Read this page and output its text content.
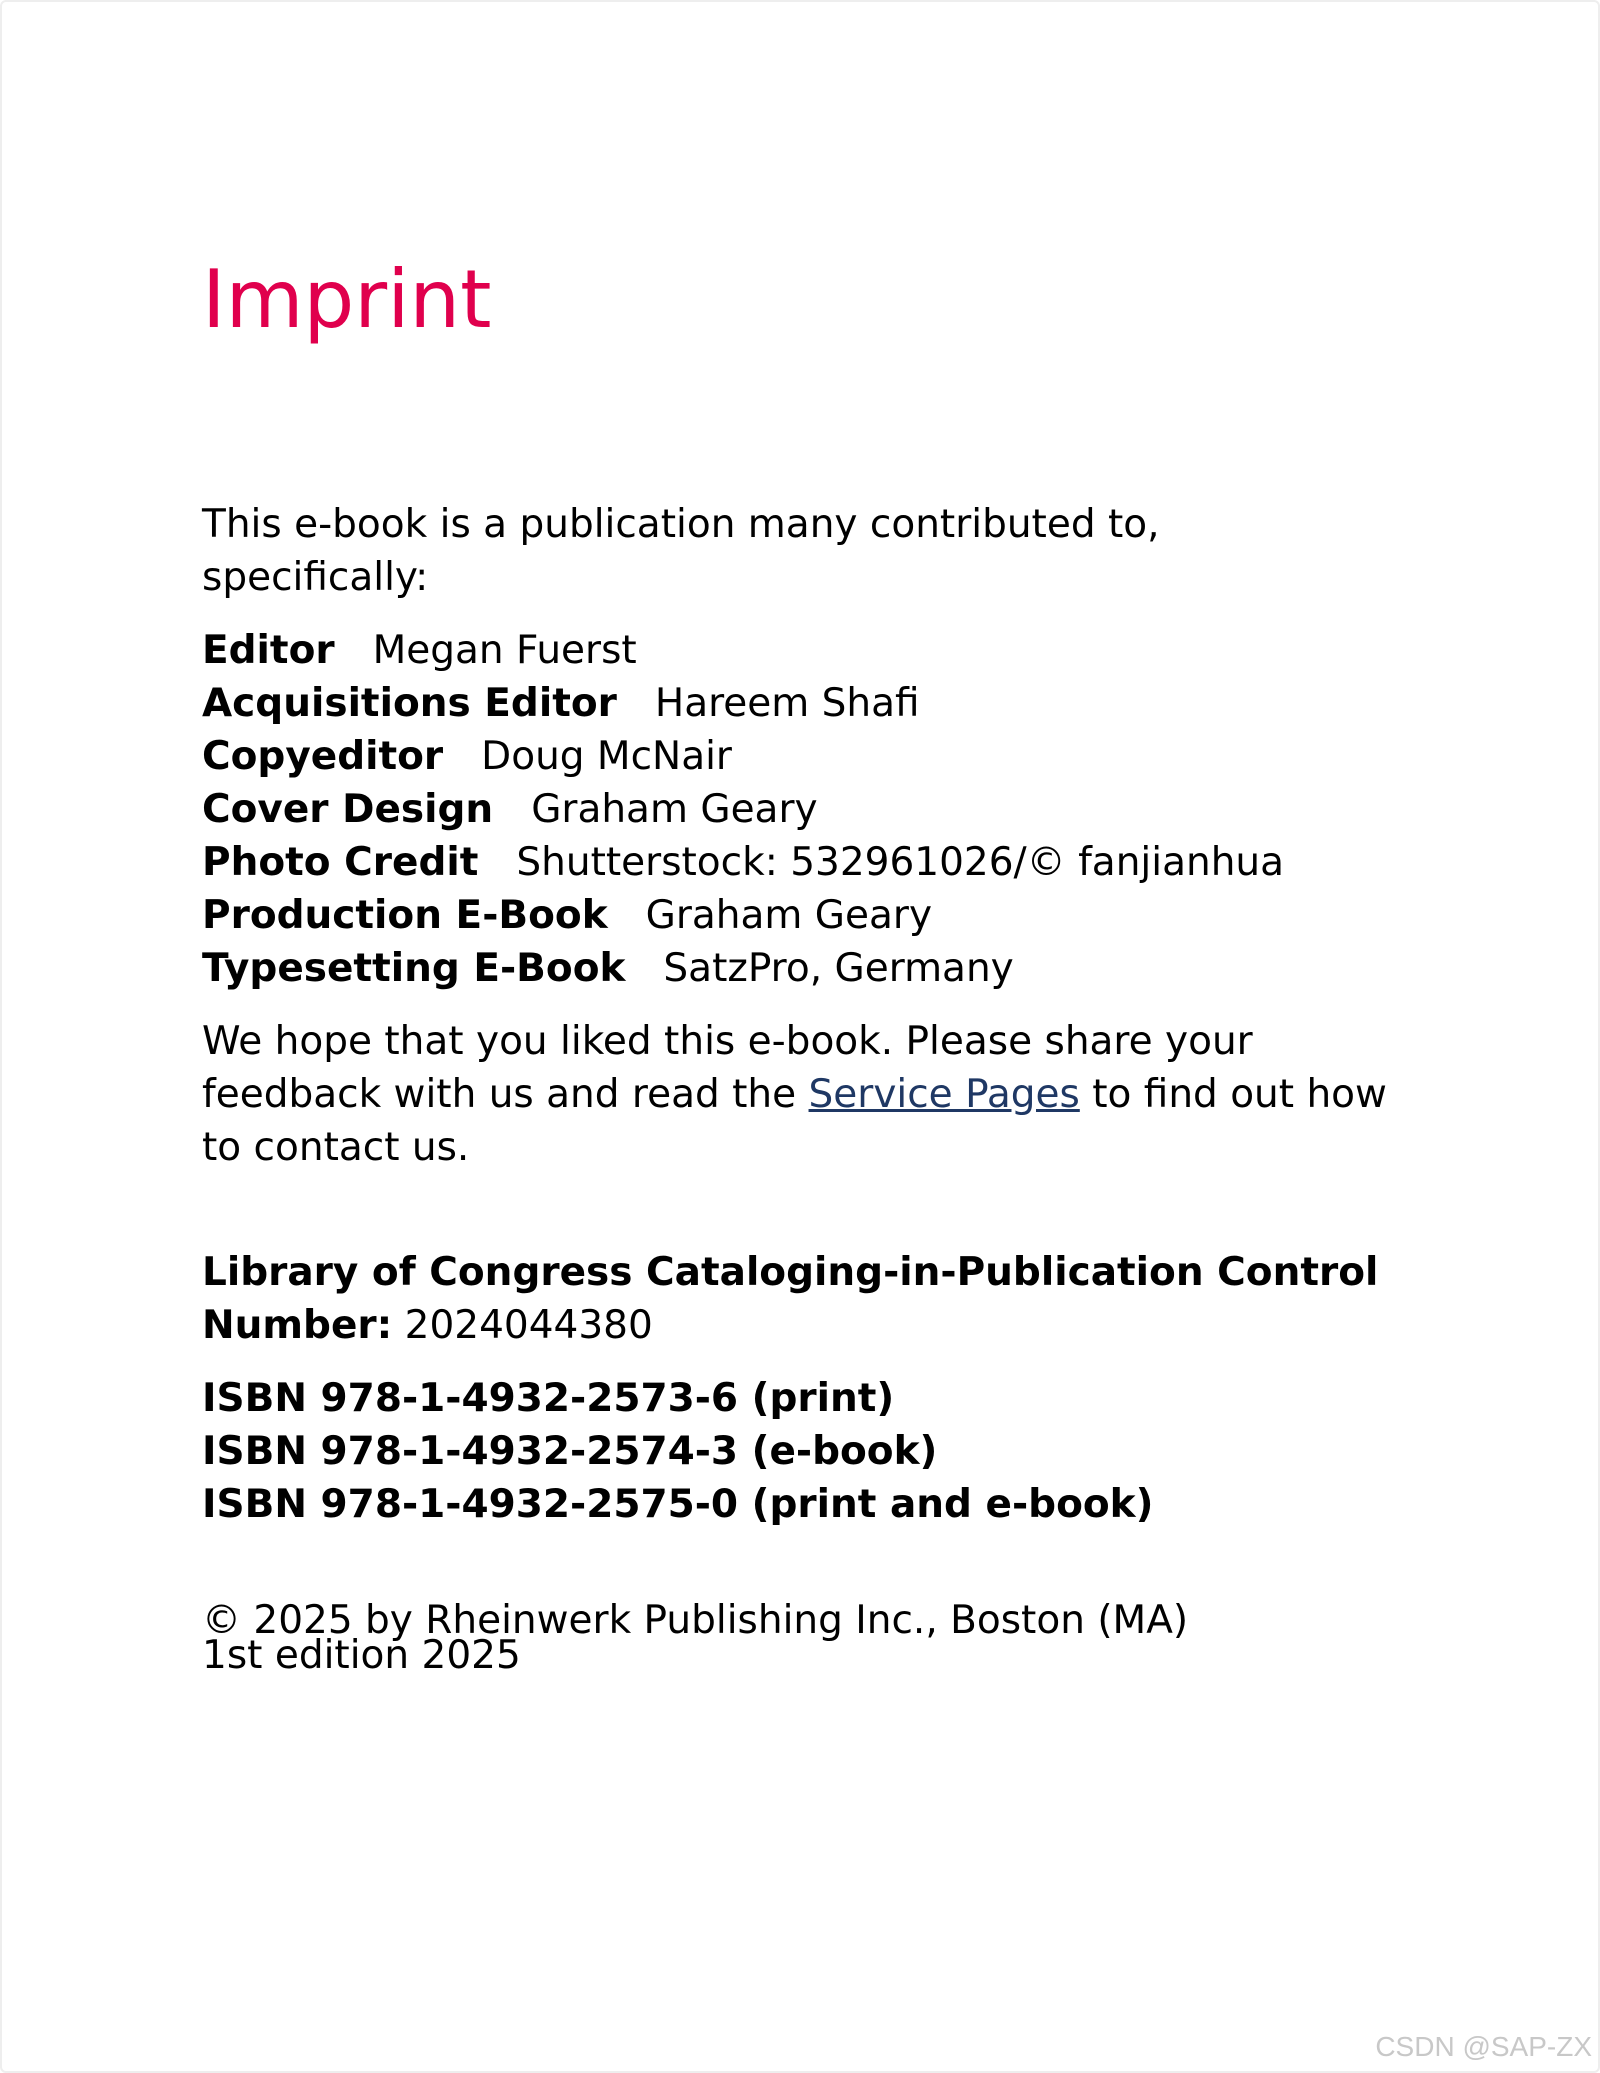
Imprint
This e-book is a publication many contributed to, specifically:
Editor Megan Fuerst
Acquisitions Editor Hareem Shafi
Copyeditor Doug McNair
Cover Design Graham Geary
Photo Credit Shutterstock: 532961026/© fanjianhua
Production E-Book Graham Geary
Typesetting E-Book SatzPro, Germany
We hope that you liked this e-book. Please share your feedback with us and read the Service Pages to find out how to contact us.
Library of Congress Cataloging-in-Publication Control Number: 2024044380
ISBN 978-1-4932-2573-6 (print)
ISBN 978-1-4932-2574-3 (e-book)
ISBN 978-1-4932-2575-0 (print and e-book)
© 2025 by Rheinwerk Publishing Inc., Boston (MA)
1st edition 2025
CSDN @SAP-ZX
